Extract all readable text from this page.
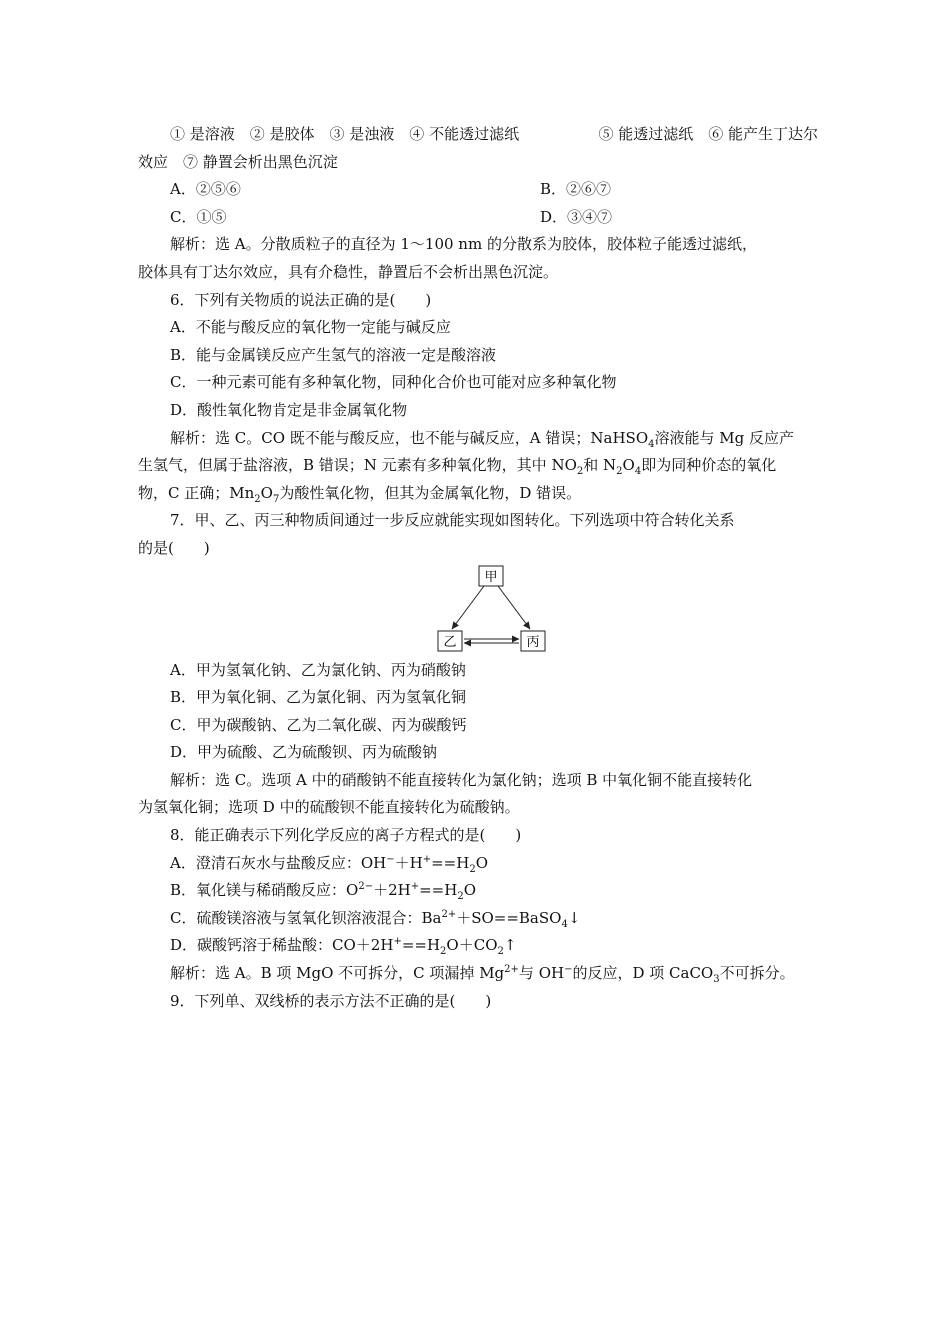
① 是溶液　② 是胶体　③ 是浊液　④ 不能透过滤纸	⑤ 能透过滤纸　⑥ 能产生丁达尔
效应　⑦ 静置会析出黑色沉淀
A．②⑤⑥	B．②⑥⑦
C．①⑤	D．③④⑦
解析：选 A。分散质粒子的直径为 1～100 nm 的分散系为胶体，胶体粒子能透过滤纸，
胶体具有丁达尔效应，具有介稳性，静置后不会析出黑色沉淀。
6．下列有关物质的说法正确的是(　　)
A．不能与酸反应的氧化物一定能与碱反应
B．能与金属镁反应产生氢气的溶液一定是酸溶液
C．一种元素可能有多种氧化物，同种化合价也可能对应多种氧化物
D．酸性氧化物肯定是非金属氧化物
解析：选 C。CO 既不能与酸反应，也不能与碱反应，A 错误；NaHSO$_4$溶液能与 Mg 反应产
生氢气，但属于盐溶液，B 错误；N 元素有多种氧化物，其中 $NO_2$和 $N_2O_4$即为同种价态的氧化
物，C 正确；$Mn_2O_7$为酸性氧化物，但其为金属氧化物，D 错误。
7．甲、乙、丙三种物质间通过一步反应就能实现如图转化。下列选项中符合转化关系
的是(　　)
甲
乙	丙
A．甲为氢氧化钠、乙为氯化钠、丙为硝酸钠
B．甲为氧化铜、乙为氯化铜、丙为氢氧化铜
C．甲为碳酸钠、乙为二氧化碳、丙为碳酸钙
D．甲为硫酸、乙为硫酸钡、丙为硫酸钠
解析：选 C。选项 A 中的硝酸钠不能直接转化为氯化钠；选项 B 中氧化铜不能直接转化
为氢氧化铜；选项 D 中的硫酸钡不能直接转化为硫酸钠。
8．能正确表示下列化学反应的离子方程式的是(　　)
A．澄清石灰水与盐酸反应：$OH^-+H^+==H_2O$
B．氧化镁与稀硝酸反应：$O^{2-}+2H^+==H_2O$
C．硫酸镁溶液与氢氧化钡溶液混合：$Ba^{2+}+SO==BaSO_4↓$
D．碳酸钙溶于稀盐酸：$CO+2H^+==H_2O+CO_2↑$
解析：选 A。B 项 MgO 不可拆分，C 项漏掉 $Mg^{2+}$与 OH−的反应，D 项 CaCO$_3$不可拆分。
9．下列单、双线桥的表示方法不正确的是(　　)
